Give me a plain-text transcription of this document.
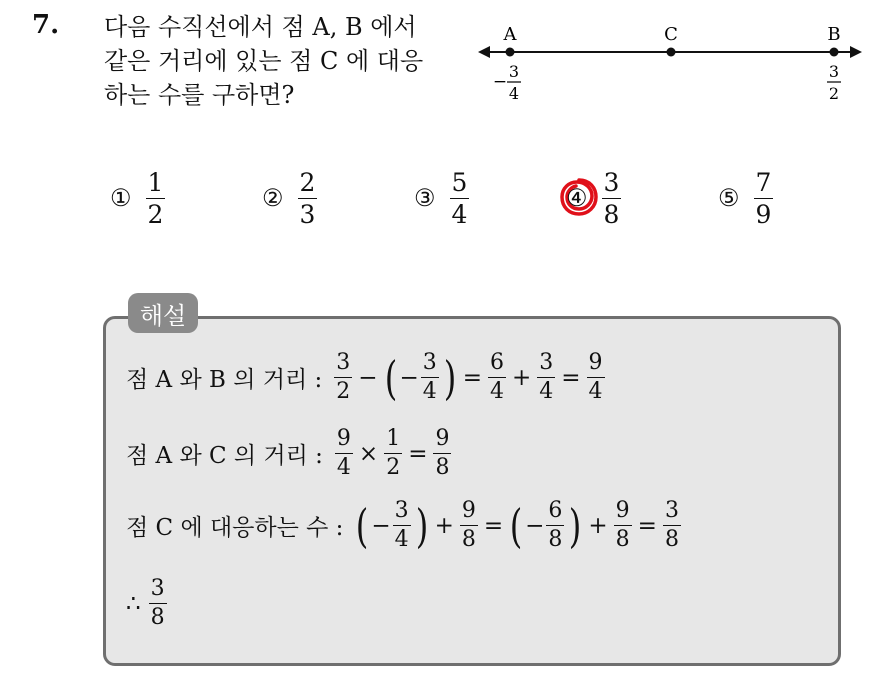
7. 다음 수직선에서 점 A, B 에서
같은 거리에 있는 점 C 에 대응
하는 수를 구하면?
A	C	B
−
3
4
3
2
① $\frac{1}{2}$	② $\frac{2}{3}$	③ $\frac{5}{4}$	④ $\frac{3}{8}$	⑤ $\frac{7}{9}$
해설
점 A 와 B 의 거리 : $\frac{3}{2}$ − ( − $\frac{3}{4}$ ) = $\frac{6}{4} + \frac{3}{4} = \frac{9}{4}$
점 A 와 C 의 거리 : $\frac{9}{4} \times \frac{1}{2} = \frac{9}{8}$
점 C 에 대응하는 수 : ( − $\frac{3}{4}$ ) + $\frac{9}{8}$ = ( − $\frac{6}{8}$ ) + $\frac{9}{8} = \frac{3}{8}$
∴ $\frac{3}{8}$
